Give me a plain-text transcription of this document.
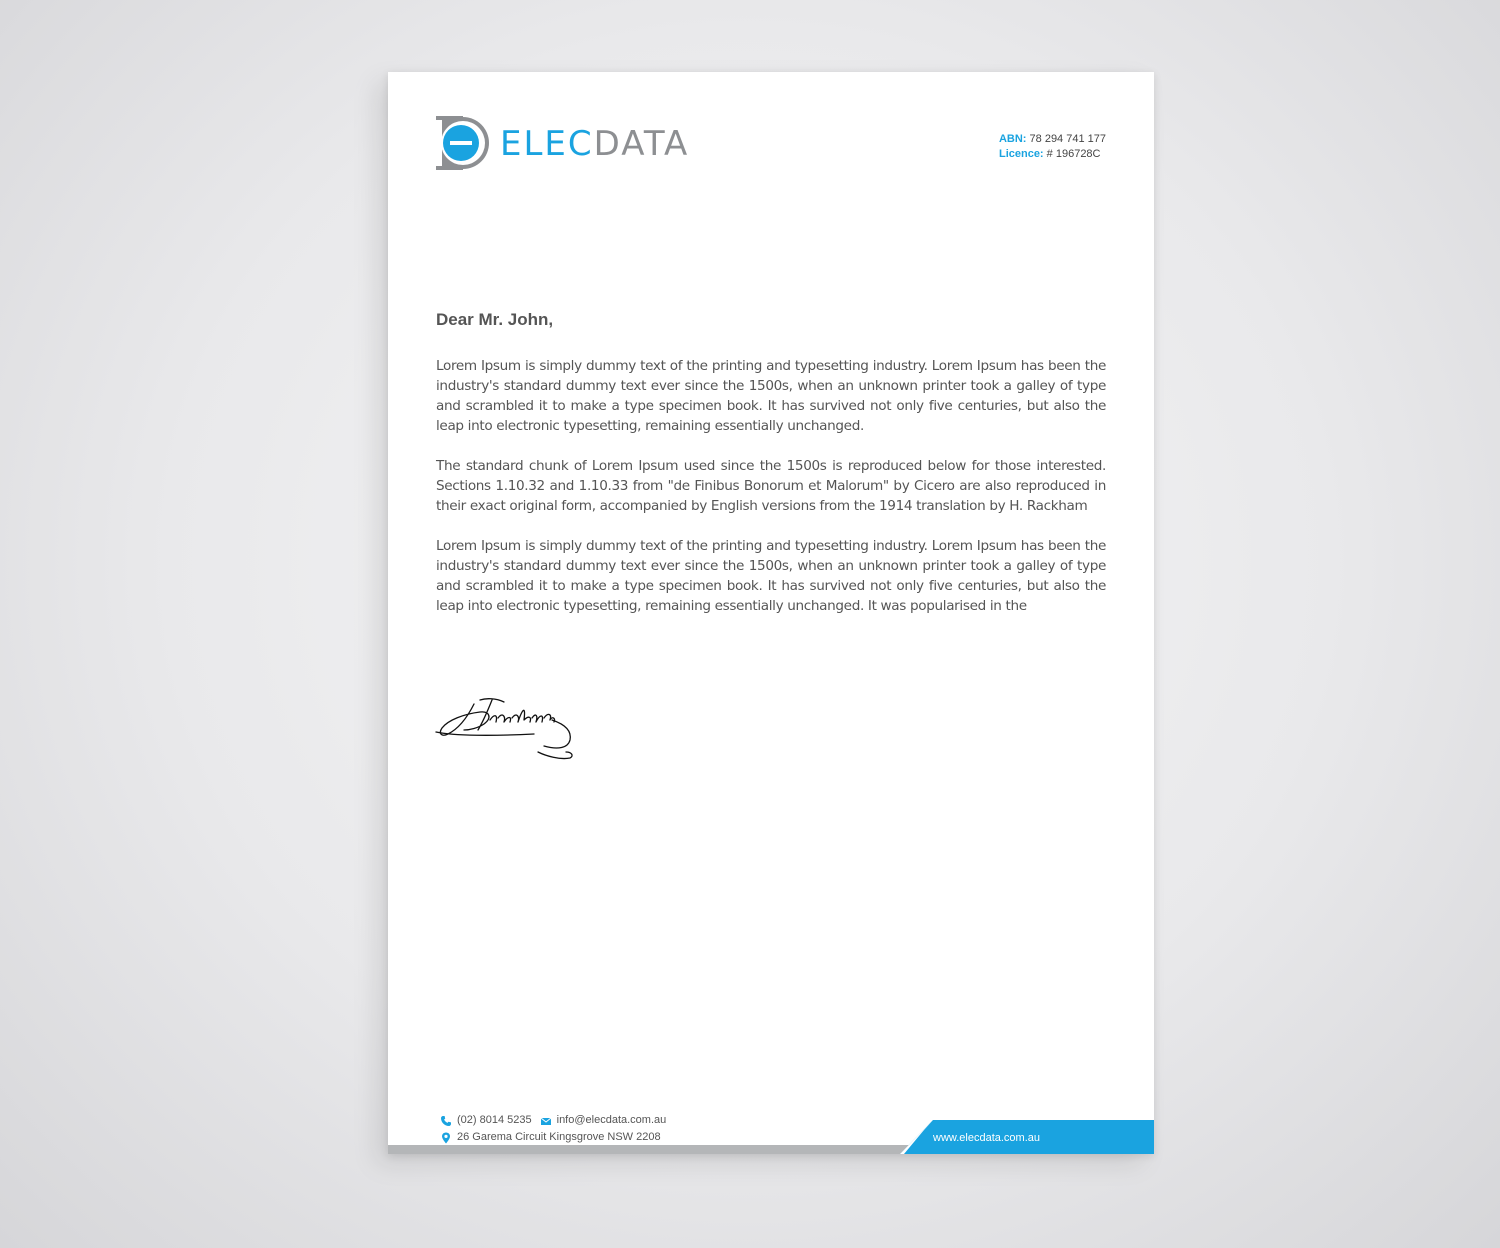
ELECDATA	ABN: 78 294 741 177
Licence: # 196728C
Dear Mr. John,

Lorem Ipsum is simply dummy text of the printing and typesetting industry. Lorem Ipsum has been the industry's standard dummy text ever since the 1500s, when an unknown printer took a galley of type and scrambled it to make a type specimen book. It has survived not only five centuries, but also the leap into electronic typesetting, remaining essentially unchanged.

The standard chunk of Lorem Ipsum used since the 1500s is reproduced below for those interested. Sections 1.10.32 and 1.10.33 from "de Finibus Bonorum et Malorum" by Cicero are also reproduced in their exact original form, accompanied by English versions from the 1914 translation by H. Rackham

Lorem Ipsum is simply dummy text of the printing and typesetting industry. Lorem Ipsum has been the industry's standard dummy text ever since the 1500s, when an unknown printer took a galley of type and scrambled it to make a type specimen book. It has survived not only five centuries, but also the leap into electronic typesetting, remaining essentially unchanged. It was popularised in the

(02) 8014 5235 info@elecdata.com.au
26 Garema Circuit Kingsgrove NSW 2208	www.elecdata.com.au
